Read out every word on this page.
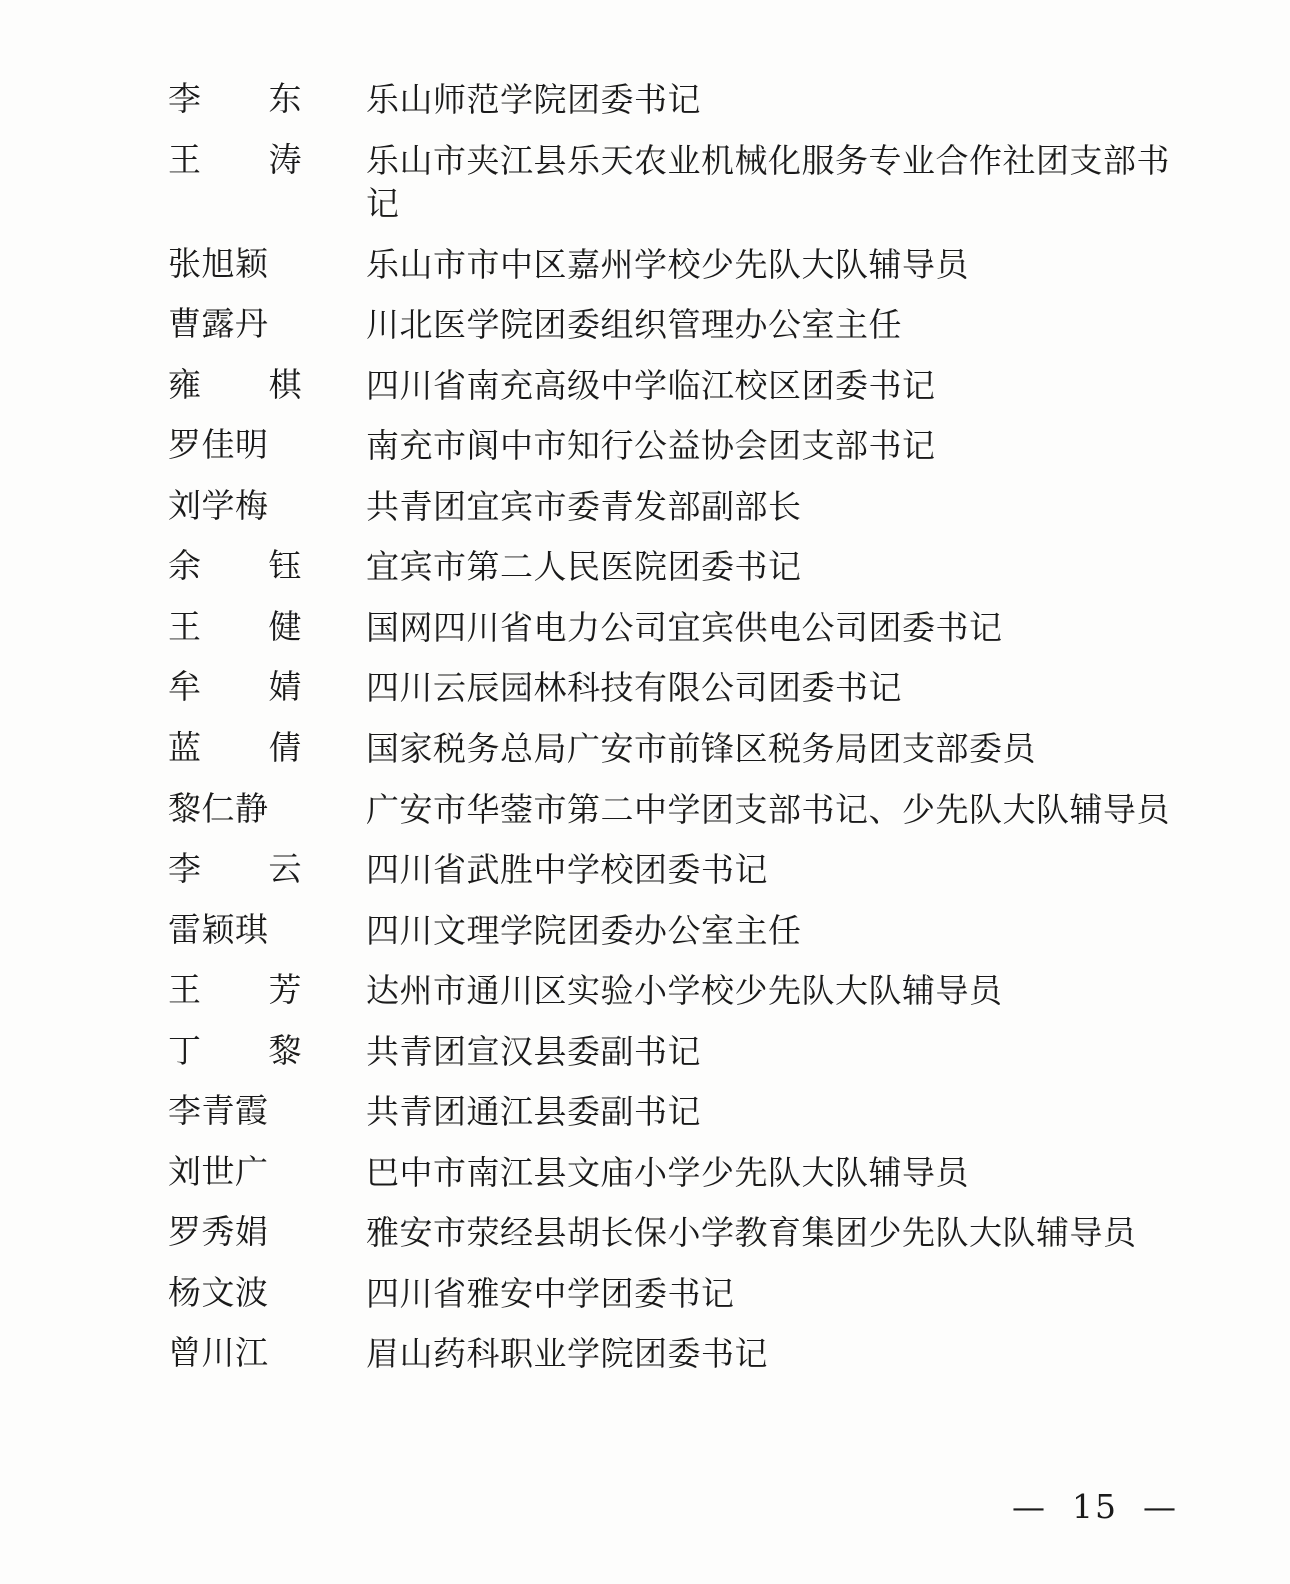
李　　东	乐山师范学院团委书记
王　　涛	乐山市夹江县乐天农业机械化服务专业合作社团支部书记
张旭颖	乐山市市中区嘉州学校少先队大队辅导员
曹露丹	川北医学院团委组织管理办公室主任
雍　　棋	四川省南充高级中学临江校区团委书记
罗佳明	南充市阆中市知行公益协会团支部书记
刘学梅	共青团宜宾市委青发部副部长
余　　钰	宜宾市第二人民医院团委书记
王　　健	国网四川省电力公司宜宾供电公司团委书记
牟　　婧	四川云辰园林科技有限公司团委书记
蓝　　倩	国家税务总局广安市前锋区税务局团支部委员
黎仁静	广安市华蓥市第二中学团支部书记、少先队大队辅导员
李　　云	四川省武胜中学校团委书记
雷颖琪	四川文理学院团委办公室主任
王　　芳	达州市通川区实验小学校少先队大队辅导员
丁　　黎	共青团宣汉县委副书记
李青霞	共青团通江县委副书记
刘世广	巴中市南江县文庙小学少先队大队辅导员
罗秀娟	雅安市荥经县胡长保小学教育集团少先队大队辅导员
杨文波	四川省雅安中学团委书记
曾川江	眉山药科职业学院团委书记
—  15  —
